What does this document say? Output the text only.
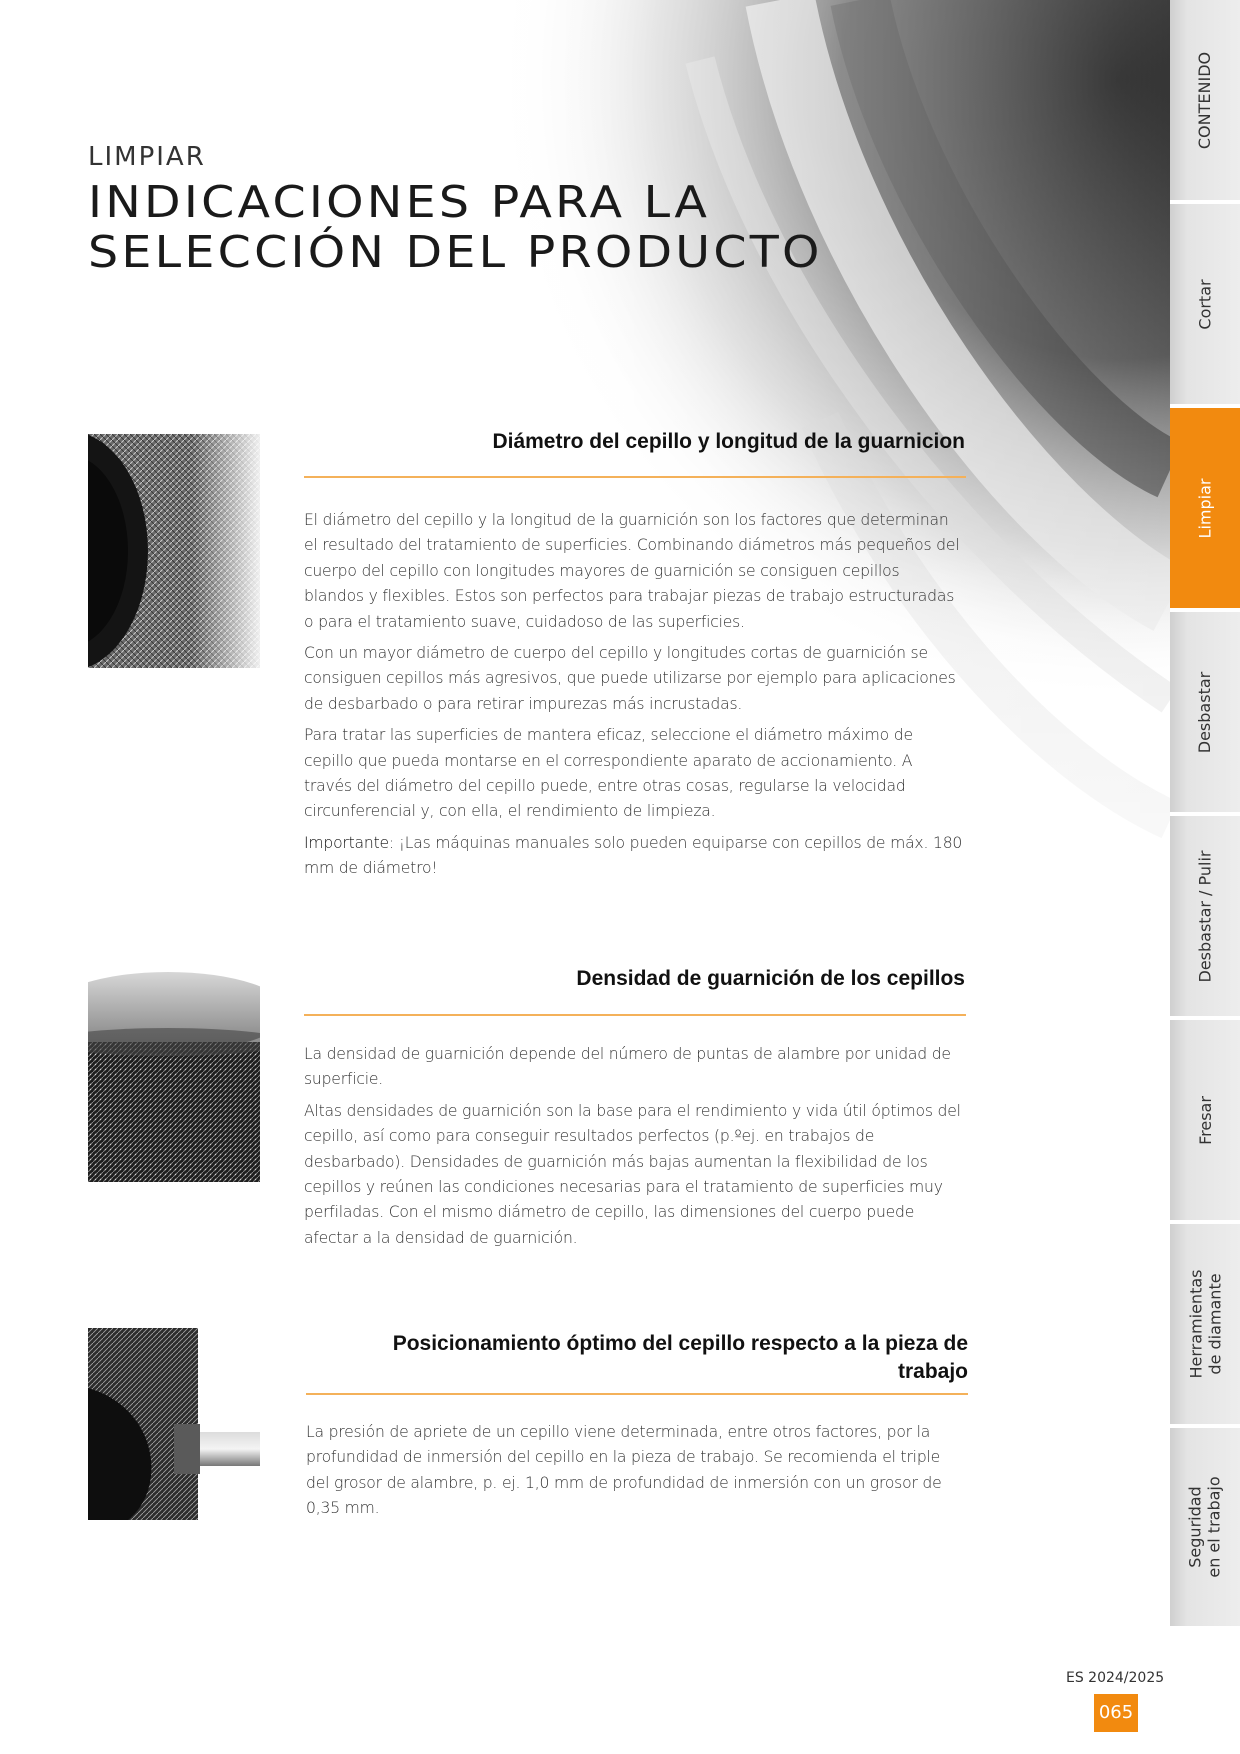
LIMPIAR
INDICACIONES PARA LA
SELECCIÓN DEL PRODUCTO
Diámetro del cepillo y longitud de la guarnicion

El diámetro del cepillo y la longitud de la guarnición son los factores que determinan el resultado del tratamiento de superficies. Combinando diámetros más pequeños del cuerpo del cepillo con longitudes mayores de guarnición se consiguen cepillos blandos y flexibles. Estos son perfectos para trabajar piezas de trabajo estructuradas o para el tratamiento suave, cuidadoso de las superficies.

Con un mayor diámetro de cuerpo del cepillo y longitudes cortas de guarnición se consiguen cepillos más agresivos, que puede utilizarse por ejemplo para aplicaciones de desbarbado o para retirar impurezas más incrustadas.

Para tratar las superficies de mantera eficaz, seleccione el diámetro máximo de cepillo que pueda montarse en el correspondiente aparato de accionamiento. A través del diámetro del cepillo puede, entre otras cosas, regularse la velocidad circunferencial y, con ella, el rendimiento de limpieza.

Importante: ¡Las máquinas manuales solo pueden equiparse con cepillos de máx. 180 mm de diámetro!

Densidad de guarnición de los cepillos

La densidad de guarnición depende del número de puntas de alambre por unidad de superficie.

Altas densidades de guarnición son la base para el rendimiento y vida útil óptimos del cepillo, así como para conseguir resultados perfectos (p.ºej. en trabajos de desbarbado). Densidades de guarnición más bajas aumentan la flexibilidad de los cepillos y reúnen las condiciones necesarias para el tratamiento de superficies muy perfiladas. Con el mismo diámetro de cepillo, las dimensiones del cuerpo puede afectar a la densidad de guarnición.

Posicionamiento óptimo del cepillo respecto a la pieza de trabajo

La presión de apriete de un cepillo viene determinada, entre otros factores, por la profundidad de inmersión del cepillo en la pieza de trabajo. Se recomienda el triple del grosor de alambre, p. ej. 1,0 mm de profundidad de inmersión con un grosor de 0,35 mm.

CONTENIDO
Cortar
Limpiar
Desbastar
Desbastar / Pulir
Fresar
Herramientas de diamante
Seguridad en el trabajo
ES 2024/2025
065
